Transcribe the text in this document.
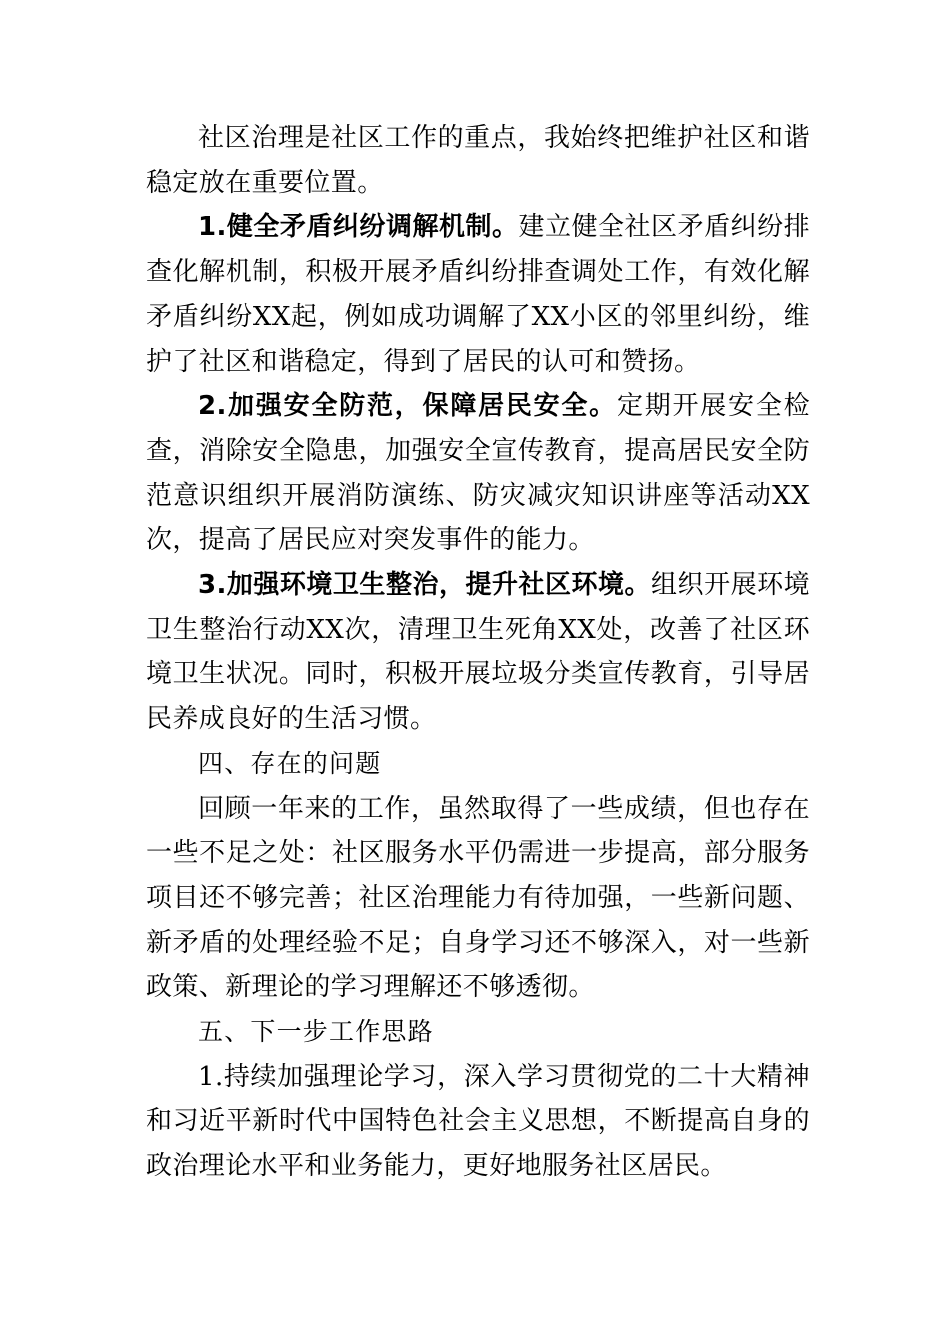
社区治理是社区工作的重点，我始终把维护社区和谐稳定放在重要位置。

1.健全矛盾纠纷调解机制。建立健全社区矛盾纠纷排查化解机制，积极开展矛盾纠纷排查调处工作，有效化解矛盾纠纷XX起，例如成功调解了XX小区的邻里纠纷，维护了社区和谐稳定，得到了居民的认可和赞扬。

2.加强安全防范，保障居民安全。定期开展安全检查，消除安全隐患，加强安全宣传教育，提高居民安全防范意识组织开展消防演练、防灾减灾知识讲座等活动XX次，提高了居民应对突发事件的能力。

3.加强环境卫生整治，提升社区环境。组织开展环境卫生整治行动XX次，清理卫生死角XX处，改善了社区环境卫生状况。同时，积极开展垃圾分类宣传教育，引导居民养成良好的生活习惯。

四、存在的问题

回顾一年来的工作，虽然取得了一些成绩，但也存在一些不足之处：社区服务水平仍需进一步提高，部分服务项目还不够完善；社区治理能力有待加强，一些新问题、新矛盾的处理经验不足；自身学习还不够深入，对一些新政策、新理论的学习理解还不够透彻。

五、下一步工作思路

1.持续加强理论学习，深入学习贯彻党的二十大精神和习近平新时代中国特色社会主义思想，不断提高自身的政治理论水平和业务能力，更好地服务社区居民。
